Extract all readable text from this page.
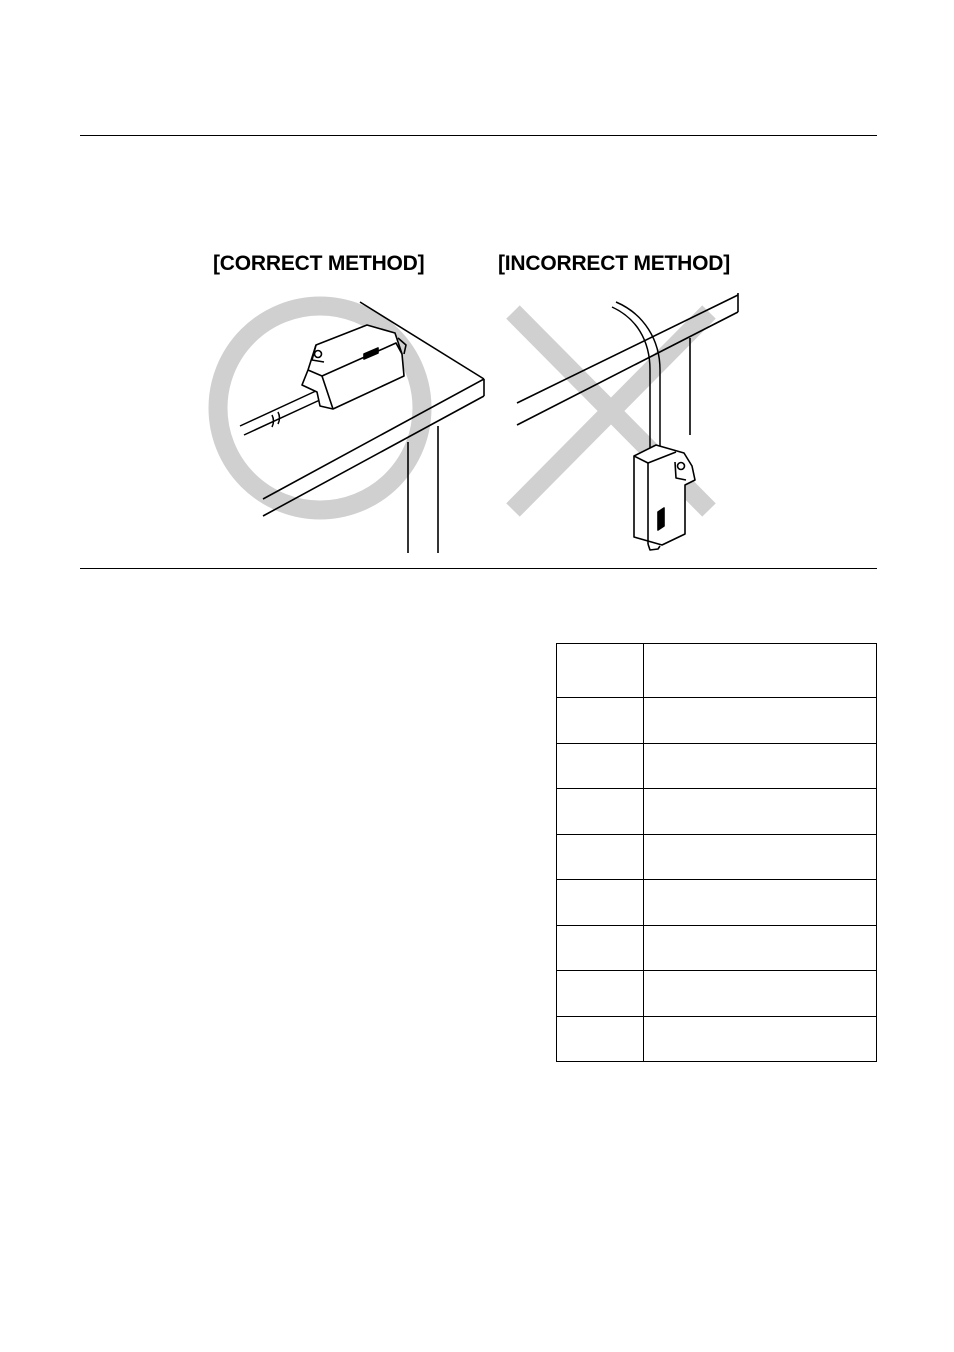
[CORRECT METHOD]	[INCORRECT METHOD]
